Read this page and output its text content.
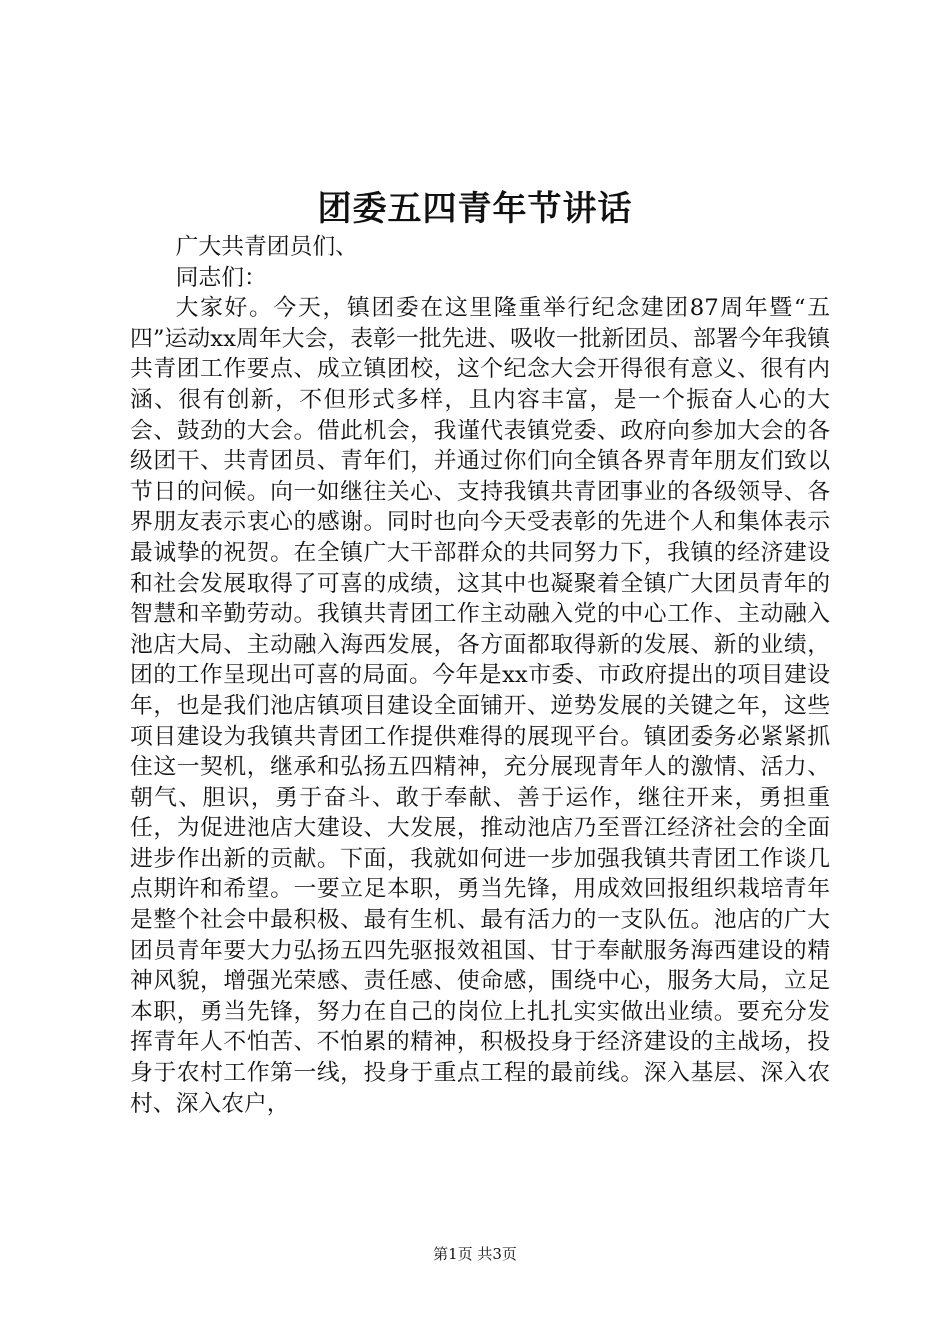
团委五四青年节讲话

广大共青团员们、

同志们：

大家好。今天，镇团委在这里隆重举行纪念建团87周年暨“五四”运动xx周年大会，表彰一批先进、吸收一批新团员、部署今年我镇共青团工作要点、成立镇团校，这个纪念大会开得很有意义、很有内涵、很有创新，不但形式多样，且内容丰富，是一个振奋人心的大会、鼓劲的大会。借此机会，我谨代表镇党委、政府向参加大会的各级团干、共青团员、青年们，并通过你们向全镇各界青年朋友们致以节日的问候。向一如继往关心、支持我镇共青团事业的各级领导、各界朋友表示衷心的感谢。同时也向今天受表彰的先进个人和集体表示最诚挚的祝贺。在全镇广大干部群众的共同努力下，我镇的经济建设和社会发展取得了可喜的成绩，这其中也凝聚着全镇广大团员青年的智慧和辛勤劳动。我镇共青团工作主动融入党的中心工作、主动融入池店大局、主动融入海西发展，各方面都取得新的发展、新的业绩，团的工作呈现出可喜的局面。今年是xx市委、市政府提出的项目建设年，也是我们池店镇项目建设全面铺开、逆势发展的关键之年，这些项目建设为我镇共青团工作提供难得的展现平台。镇团委务必紧紧抓住这一契机，继承和弘扬五四精神，充分展现青年人的激情、活力、朝气、胆识，勇于奋斗、敢于奉献、善于运作，继往开来，勇担重任，为促进池店大建设、大发展，推动池店乃至晋江经济社会的全面进步作出新的贡献。下面，我就如何进一步加强我镇共青团工作谈几点期许和希望。一要立足本职，勇当先锋，用成效回报组织栽培青年是整个社会中最积极、最有生机、最有活力的一支队伍。池店的广大团员青年要大力弘扬五四先驱报效祖国、甘于奉献服务海西建设的精神风貌，增强光荣感、责任感、使命感，围绕中心，服务大局，立足本职，勇当先锋，努力在自己的岗位上扎扎实实做出业绩。要充分发挥青年人不怕苦、不怕累的精神，积极投身于经济建设的主战场，投身于农村工作第一线，投身于重点工程的最前线。深入基层、深入农村、深入农户，

第1页 共3页
